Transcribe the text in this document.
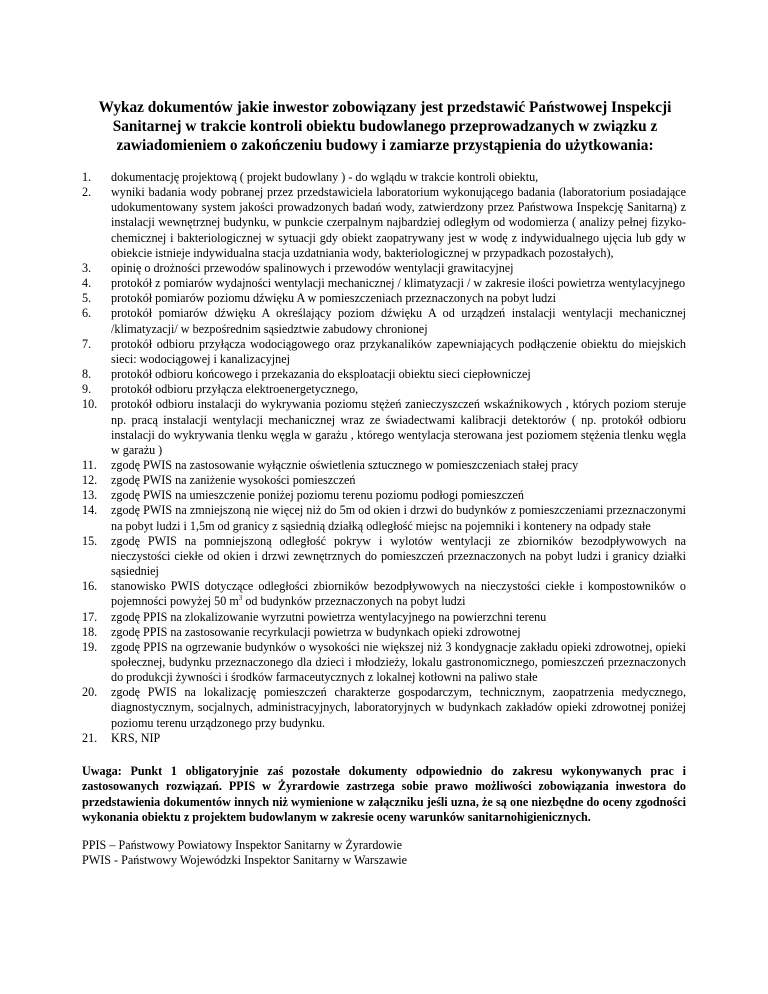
Wykaz dokumentów jakie inwestor zobowiązany jest przedstawić Państwowej Inspekcji Sanitarnej w trakcie kontroli obiektu budowlanego przeprowadzanych w związku z zawiadomieniem o zakończeniu budowy i zamiarze przystąpienia do użytkowania:
1. dokumentację projektową ( projekt budowlany ) - do wglądu w trakcie kontroli obiektu,
2. wyniki badania wody pobranej przez przedstawiciela laboratorium wykonującego badania (laboratorium posiadające udokumentowany system jakości prowadzonych badań wody, zatwierdzony przez Państwowa Inspekcję Sanitarną) z instalacji wewnętrznej budynku, w punkcie czerpalnym najbardziej odległym od wodomierza ( analizy pełnej fizyko-chemicznej i bakteriologicznej w sytuacji gdy obiekt zaopatrywany jest w wodę z indywidualnego ujęcia lub gdy w obiekcie istnieje indywidualna stacja uzdatniania wody, bakteriologicznej w przypadkach pozostałych),
3. opinię o drożności przewodów spalinowych i przewodów wentylacji grawitacyjnej
4. protokół z pomiarów wydajności wentylacji mechanicznej / klimatyzacji / w zakresie ilości powietrza wentylacyjnego
5. protokół pomiarów poziomu dźwięku A w pomieszczeniach przeznaczonych na pobyt ludzi
6. protokół pomiarów dźwięku A określający poziom dźwięku A od urządzeń instalacji wentylacji mechanicznej /klimatyzacji/ w bezpośrednim sąsiedztwie zabudowy chronionej
7. protokół odbioru przyłącza wodociągowego oraz przykanalików zapewniających podłączenie obiektu do miejskich sieci: wodociągowej i kanalizacyjnej
8. protokół odbioru końcowego i przekazania do eksploatacji obiektu sieci ciepłowniczej
9. protokół odbioru przyłącza elektroenergetycznego,
10. protokół odbioru instalacji do wykrywania poziomu stężeń zanieczyszczeń wskaźnikowych , których poziom steruje np. pracą instalacji wentylacji mechanicznej wraz ze świadectwami kalibracji detektorów ( np. protokół odbioru instalacji do wykrywania tlenku węgla w garażu , którego wentylacja sterowana jest poziomem stężenia tlenku węgla w garażu )
11. zgodę PWIS na zastosowanie wyłącznie oświetlenia sztucznego w pomieszczeniach stałej pracy
12. zgodę PWIS na zaniżenie wysokości pomieszczeń
13. zgodę PWIS na umieszczenie poniżej poziomu terenu poziomu podłogi pomieszczeń
14. zgodę PWIS na zmniejszoną nie więcej niż do 5m od okien i drzwi do budynków z pomieszczeniami przeznaczonymi na pobyt ludzi i 1,5m od granicy z sąsiednią działką odległość miejsc na pojemniki i kontenery na odpady stałe
15. zgodę PWIS na pomniejszoną odległość pokryw i wylotów wentylacji ze zbiorników bezodpływowych na nieczystości ciekłe od okien i drzwi zewnętrznych do pomieszczeń przeznaczonych na pobyt ludzi i granicy działki sąsiedniej
16. stanowisko PWIS dotyczące odległości zbiorników bezodpływowych na nieczystości ciekłe i kompostowników o pojemności powyżej 50 $m^3$ od budynków przeznaczonych na pobyt ludzi
17. zgodę PPIS na zlokalizowanie wyrzutni powietrza wentylacyjnego na powierzchni terenu
18. zgodę PPIS na zastosowanie recyrkulacji powietrza w budynkach opieki zdrowotnej
19. zgodę PPIS na ogrzewanie budynków o wysokości nie większej niż 3 kondygnacje zakładu opieki zdrowotnej, opieki społecznej, budynku przeznaczonego dla dzieci i młodzieży, lokalu gastronomicznego, pomieszczeń przeznaczonych do produkcji żywności i środków farmaceutycznych z lokalnej kotłowni na paliwo stałe
20. zgodę PWIS na lokalizację pomieszczeń charakterze gospodarczym, technicznym, zaopatrzenia medycznego, diagnostycznym, socjalnych, administracyjnych, laboratoryjnych w budynkach zakładów opieki zdrowotnej poniżej poziomu terenu urządzonego przy budynku.
21. KRS, NIP

Uwaga: Punkt 1 obligatoryjnie zaś pozostałe dokumenty odpowiednio do zakresu wykonywanych prac i zastosowanych rozwiązań. PPIS w Żyrardowie zastrzega sobie prawo możliwości zobowiązania inwestora do przedstawienia dokumentów innych niż wymienione w załączniku jeśli uzna, że są one niezbędne do oceny zgodności wykonania obiektu z projektem budowlanym w zakresie oceny warunków sanitarnohigienicznych.

PPIS – Państwowy Powiatowy Inspektor Sanitarny w Żyrardowie
PWIS - Państwowy Wojewódzki Inspektor Sanitarny w Warszawie
